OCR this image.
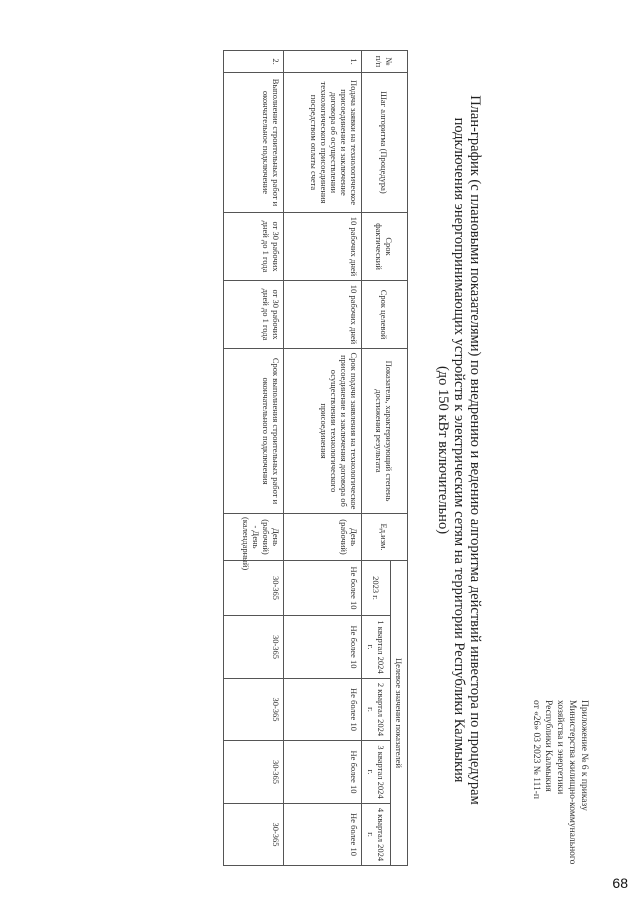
Приложение № 6 к приказу
Министерства жилищно-коммунального
хозяйства и энергетики
Республики Калмыкия
от «26» 03 2023 № 111-п
План-график (с плановыми показателями) по внедрению и ведению алгоритма действий инвестора по процедурам
подключения энергопринимающих устройств к электрическим сетям на территории Республики Калмыкия
(до 150 кВт включительно)
№ п/п	Шаг алгоритма (Процедура)	Срок фактический	Срок целевой	Показатель, характеризующий степень достижения результата	Ед.изм.	Целевое значение показателей				
						2023 г.	1 квартал 2024 г.	2 квартал 2024 г.	3 квартал 2024 г.	4 квартал 2024 г.
1.	Подача заявки на технологическое присоединение и заключение договора об осуществлении технологического присоединения посредством оплаты счета	10 рабочих дней	10 рабочих дней	Срок подачи заявления на технологическое присоединение и заключения договора об осуществлении технологического присоединения	День (рабочий)	Не более 10	Не более 10	Не более 10	Не более 10	Не более 10
2.	Выполнение строительных работ и окончательное подключение	от 30 рабочих дней до 1 года	от 30 рабочих дней до 1 года	Срок выполнения строительных работ и окончательного подключения	День (рабочий) - День (календарный)	30-365	30-365	30-365	30-365	30-365
68
